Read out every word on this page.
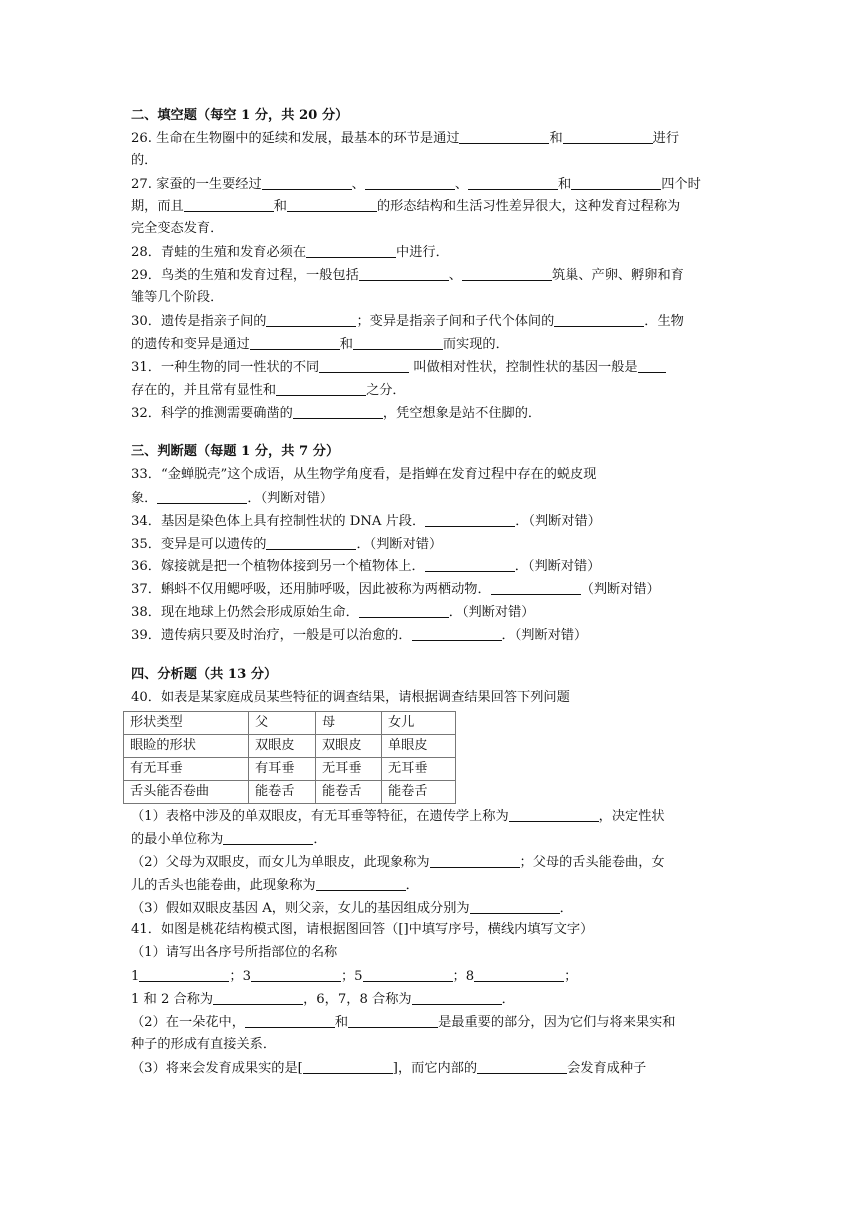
二、填空题（每空 1 分，共 20 分）
26. 生命在生物圈中的延续和发展，最基本的环节是通过	和	进行
的．
27. 家蚕的一生要经过	、	、	和	四个时
期，而且	和	的形态结构和生活习性差异很大，这种发育过程称为
完全变态发育．
28．青蛙的生殖和发育必须在	中进行．
29．鸟类的生殖和发育过程，一般包括	、	筑巢、产卵、孵卵和育
雏等几个阶段．
30．遗传是指亲子间的	；变异是指亲子间和子代个体间的	．生物
的遗传和变异是通过	和	而实现的．
31．一种生物的同一性状的不同	叫做相对性状，控制性状的基因一般是
存在的，并且常有显性和	之分．
32．科学的推测需要确凿的	，凭空想象是站不住脚的．
三、判断题（每题 1 分，共 7 分）
33．“金蝉脱壳”这个成语，从生物学角度看，是指蝉在发育过程中存在的蜕皮现
象．	．（判断对错）
34．基因是染色体上具有控制性状的 DNA 片段．	．（判断对错）
35．变异是可以遗传的	．（判断对错）
36．嫁接就是把一个植物体接到另一个植物体上．	．（判断对错）
37．蝌蚪不仅用鳃呼吸，还用肺呼吸，因此被称为两栖动物．	（判断对错）
38．现在地球上仍然会形成原始生命．	．（判断对错）
39．遗传病只要及时治疗，一般是可以治愈的．	．（判断对错）
四、分析题（共 13 分）
40．如表是某家庭成员某些特征的调查结果，请根据调查结果回答下列问题
形状类型	父	母	女儿
眼睑的形状	双眼皮	双眼皮	单眼皮
有无耳垂	有耳垂	无耳垂	无耳垂
舌头能否卷曲	能卷舌	能卷舌	能卷舌
（1）表格中涉及的单双眼皮，有无耳垂等特征，在遗传学上称为	，决定性状
的最小单位称为	．
（2）父母为双眼皮，而女儿为单眼皮，此现象称为	；父母的舌头能卷曲，女
儿的舌头也能卷曲，此现象称为	．
（3）假如双眼皮基因 A，则父亲，女儿的基因组成分别为	．
41．如图是桃花结构模式图，请根据图回答（[]中填写序号，横线内填写文字）
（1）请写出各序号所指部位的名称
1	；3	；5	；8	；
1 和 2 合称为	，6，7，8 合称为	．
（2）在一朵花中，	和	是最重要的部分，因为它们与将来果实和
种子的形成有直接关系．
（3）将来会发育成果实的是[	]，而它内部的	会发育成种子
